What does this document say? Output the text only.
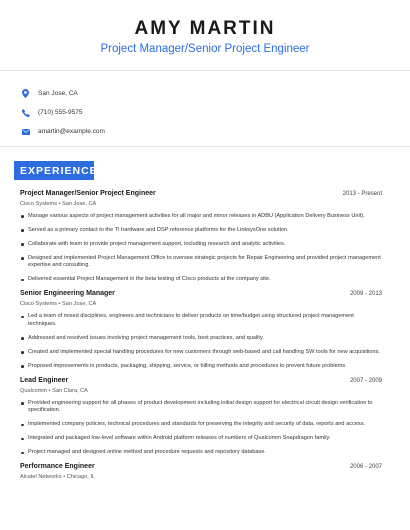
AMY MARTIN
Project Manager/Senior Project Engineer
San Jose, CA
(710) 555-9575
amartin@example.com
EXPERIENCE
Project Manager/Senior Project Engineer	2013 - Present
Cisco Systems • San Jose, CA
Manage various aspects of project management activities for all major and minor releases in ADBU (Application Delivery Business Unit).
Served as a primary contact to the TI hardware and DSP reference platforms for the LinksysOne solution.
Collaborate with team to provide project management support, including research and analytic activities.
Designed and implemented Project Management Office to oversee strategic projects for Repair Engineering and provided project management expertise and consulting.
Delivered essential Project Management in the beta testing of Cisco products at the company site.
Senior Engineering Manager	2009 - 2013
Cisco Systems • San Jose, CA
Led a team of mixed disciplines, engineers and technicians to deliver products on time/budget using structured project management techniques.
Addressed and resolved issues involving project management tools, best practices, and quality.
Created and implemented special handling procedures for new customers through web-based and call handling SW tools for new acquisitions.
Proposed improvements in products, packaging, shipping, service, or billing methods and procedures to prevent future problems.
Lead Engineer	2007 - 2009
Qualcomm • San Clara, CA
Provided engineering support for all phases of product development including initial design support for electrical circuit design verification to specification.
Implemented company policies, technical procedures and standards for preserving the integrity and security of data, reports and access.
Integrated and packaged low-level software within Android platform releases of numbers of Qualcomm Snapdragon family.
Project managed and designed online method and procedure requests and repository database.
Performance Engineer	2006 - 2007
Alcatel Networks • Chicago, IL
